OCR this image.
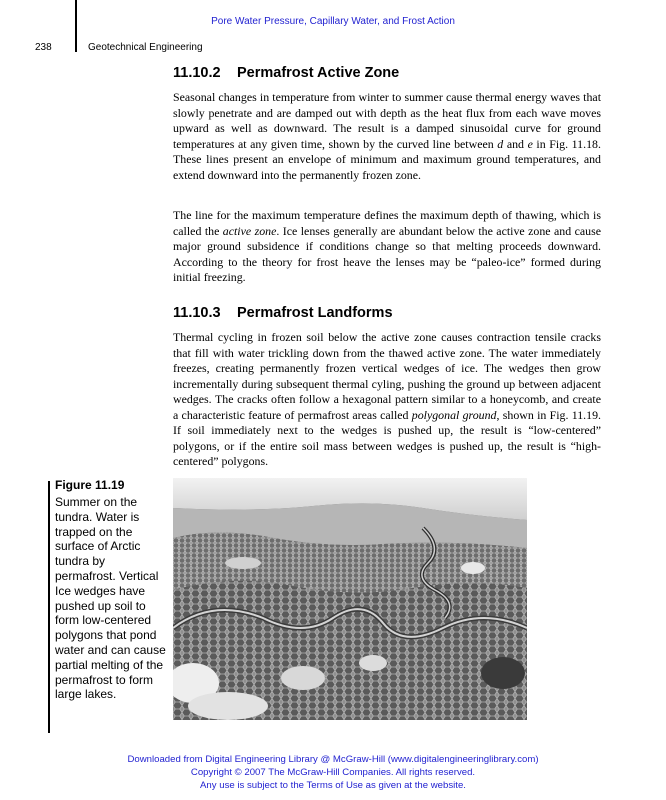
Pore Water Pressure, Capillary Water, and Frost Action
238	Geotechnical Engineering
11.10.2 Permafrost Active Zone

Seasonal changes in temperature from winter to summer cause thermal energy waves that slowly penetrate and are damped out with depth as the heat flux from each wave moves upward as well as downward. The result is a damped sinusoidal curve for ground temperatures at any given time, shown by the curved line between d and e in Fig. 11.18. These lines present an envelope of minimum and maximum ground temperatures, and extend downward into the permanently frozen zone.

The line for the maximum temperature defines the maximum depth of thawing, which is called the active zone. Ice lenses generally are abundant below the active zone and cause major ground subsidence if conditions change so that melting proceeds downward. According to the theory for frost heave the lenses may be “paleo-ice” formed during initial freezing.

11.10.3 Permafrost Landforms

Thermal cycling in frozen soil below the active zone causes contraction tensile cracks that fill with water trickling down from the thawed active zone. The water immediately freezes, creating permanently frozen vertical wedges of ice. The wedges then grow incrementally during subsequent thermal cyling, pushing the ground up between adjacent wedges. The cracks often follow a hexagonal pattern similar to a honeycomb, and create a characteristic feature of permafrost areas called polygonal ground, shown in Fig. 11.19. If soil immediately next to the wedges is pushed up, the result is “low-centered” polygons, or if the entire soil mass between wedges is pushed up, the result is “high-centered” polygons.

Figure 11.19

Summer on the tundra. Water is trapped on the surface of Arctic tundra by permafrost. Vertical Ice wedges have pushed up soil to form low-centered polygons that pond water and can cause partial melting of the permafrost to form large lakes.

Downloaded from Digital Engineering Library @ McGraw-Hill (www.digitalengineeringlibrary.com)
Copyright © 2007 The McGraw-Hill Companies. All rights reserved.
Any use is subject to the Terms of Use as given at the website.
